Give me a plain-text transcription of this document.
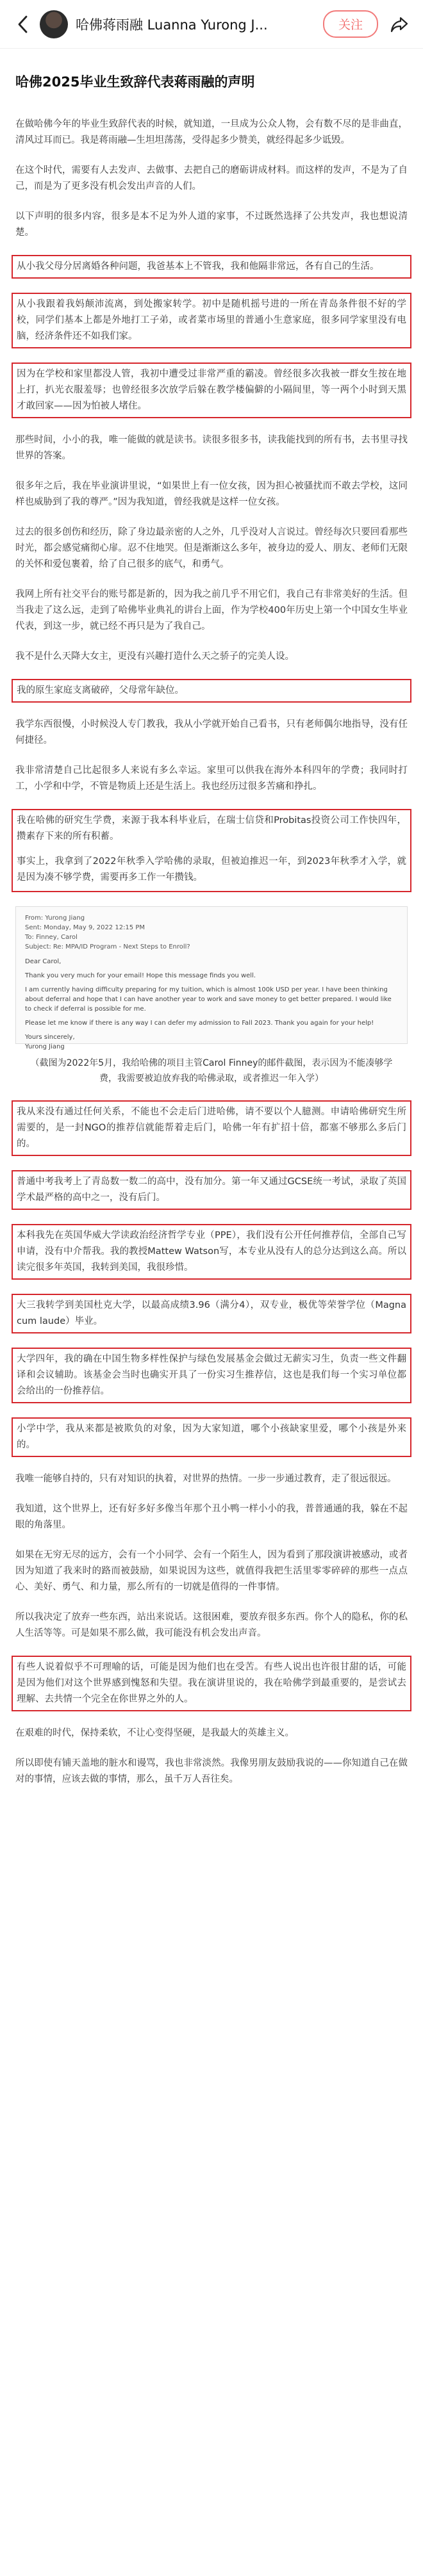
哈佛蒋雨融 Luanna Yurong J...	关注
哈佛2025毕业生致辞代表蒋雨融的声明

在做哈佛今年的毕业生致辞代表的时候，就知道，一旦成为公众人物，会有数不尽的是非曲直，清风过耳而已。我是蒋雨融—生坦坦荡荡，受得起多少赞美，就经得起多少诋毁。

在这个时代，需要有人去发声、去做事、去把自己的磨砺讲成材料。而这样的发声，不是为了自己，而是为了更多没有机会发出声音的人们。

以下声明的很多内容，很多是本不足为外人道的家事，不过既然选择了公共发声，我也想说清楚。

从小我父母分居离婚各种问题，我爸基本上不管我，我和他隔非常远，各有自己的生活。

从小我跟着我妈颠沛流离，到处搬家转学。初中是随机摇号进的一所在青岛条件很不好的学校，同学们基本上都是外地打工子弟，或者菜市场里的普通小生意家庭，很多同学家里没有电脑，经济条件还不如我们家。

因为在学校和家里都没人管，我初中遭受过非常严重的霸凌。曾经很多次我被一群女生按在地上打，扒光衣服羞辱；也曾经很多次放学后躲在教学楼偏僻的小隔间里，等一两个小时到天黑才敢回家——因为怕被人堵住。

那些时间，小小的我，唯一能做的就是读书。读很多很多书，读我能找到的所有书，去书里寻找世界的答案。

很多年之后，我在毕业演讲里说，“如果世上有一位女孩，因为担心被骚扰而不敢去学校，这同样也威胁到了我的尊严。”因为我知道，曾经我就是这样一位女孩。

过去的很多创伤和经历，除了身边最亲密的人之外，几乎没对人言说过。曾经每次只要回看那些时光，都会感觉痛彻心扉。忍不住地哭。但是渐渐这么多年，被身边的爱人、朋友、老师们无限的关怀和爱包裹着，给了自己很多的底气，和勇气。

我网上所有社交平台的账号都是新的，因为我之前几乎不用它们，我自己有非常美好的生活。但当我走了这么远，走到了哈佛毕业典礼的讲台上面，作为学校400年历史上第一个中国女生毕业代表，到这一步，就已经不再只是为了我自己。

我不是什么天降大女主，更没有兴趣打造什么天之骄子的完美人设。

我的原生家庭支离破碎，父母常年缺位。

我学东西很慢，小时候没人专门教我，我从小学就开始自己看书，只有老师偶尔地指导，没有任何捷径。

我非常清楚自己比起很多人来说有多么幸运。家里可以供我在海外本科四年的学费；我同时打工，小学和中学，不管是物质上还是生活上。我也经历过很多苦痛和挣扎。

我在哈佛的研究生学费，来源于我本科毕业后，在瑞士信贷和Probitas投资公司工作快四年，攒素存下来的所有积蓄。

事实上，我拿到了2022年秋季入学哈佛的录取，但被迫推迟一年，到2023年秋季才入学，就是因为凑不够学费，需要再多工作一年攒钱。

From: Yurong Jiang
Sent: Monday, May 9, 2022 12:15 PM
To: Finney, Carol
Subject: Re: MPA/ID Program - Next Steps to Enroll?
Dear Carol,
Thank you very much for your email! Hope this message finds you well.
I am currently having difficulty preparing for my tuition, which is almost 100k USD per year. I have been thinking about deferral and hope that I can have another year to work and save money to get better prepared. I would like to check if deferral is possible for me.
Please let me know if there is any way I can defer my admission to Fall 2023. Thank you again for your help!
Yours sincerely,
Yurong Jiang

（截图为2022年5月，我给哈佛的项目主管Carol Finney的邮件截图，表示因为不能凑够学费，我需要被迫放弃我的哈佛录取，或者推迟一年入学）

我从来没有通过任何关系，不能也不会走后门进哈佛，请不要以个人臆测。申请哈佛研究生所需要的，是一封NGO的推荐信就能帮着走后门，哈佛一年有扩招十倍，都塞不够那么多后门的。

普通中考我考上了青岛数一数二的高中，没有加分。第一年又通过GCSE统一考试，录取了英国学术最严格的高中之一，没有后门。

本科我先在英国华威大学读政治经济哲学专业（PPE），我们没有公开任何推荐信，全部自己写申请，没有中介帮我。我的教授Mattew Watson写，本专业从没有人的总分达到这么高。所以读完很多年英国，我转到美国，我很珍惜。

大三我转学到美国杜克大学，以最高成绩3.96（满分4），双专业，极优等荣誉学位（Magna cum laude）毕业。

大学四年，我的确在中国生物多样性保护与绿色发展基金会做过无薪实习生，负责一些文件翻译和会议辅助。该基金会当时也确实开具了一份实习生推荐信，这也是我们每一个实习单位都会给出的一份推荐信。

小学中学，我从来都是被欺负的对象，因为大家知道，哪个小孩缺家里爱，哪个小孩是外来的。

我唯一能够自持的，只有对知识的执着，对世界的热情。一步一步通过教育，走了很远很远。

我知道，这个世界上，还有好多好多像当年那个丑小鸭一样小小的我，普普通通的我，躲在不起眼的角落里。

如果在无穷无尽的远方，会有一个小同学、会有一个陌生人，因为看到了那段演讲被感动，或者因为知道了我来时的路而被鼓励，如果说因为这些，就值得我把生活里零零碎碎的那些一点点心、美好、勇气、和力量，那么所有的一切就是值得的一件事情。

所以我决定了放弃一些东西，站出来说话。这很困难，要放弃很多东西。你个人的隐私，你的私人生活等等。可是如果不那么做，我可能没有机会发出声音。

有些人说着似乎不可理喻的话，可能是因为他们也在受苦。有些人说出也许很甘甜的话，可能是因为他们对这个世界感到愧怒和失望。我在演讲里说的，我在哈佛学到最重要的，是尝试去理解、去共情一个完全在你世界之外的人。

在艰难的时代，保持柔软，不让心变得坚硬，是我最大的英雄主义。

所以即使有铺天盖地的脏水和谩骂，我也非常淡然。我像男朋友鼓励我说的——你知道自己在做对的事情，应该去做的事情，那么，虽千万人吾往矣。
